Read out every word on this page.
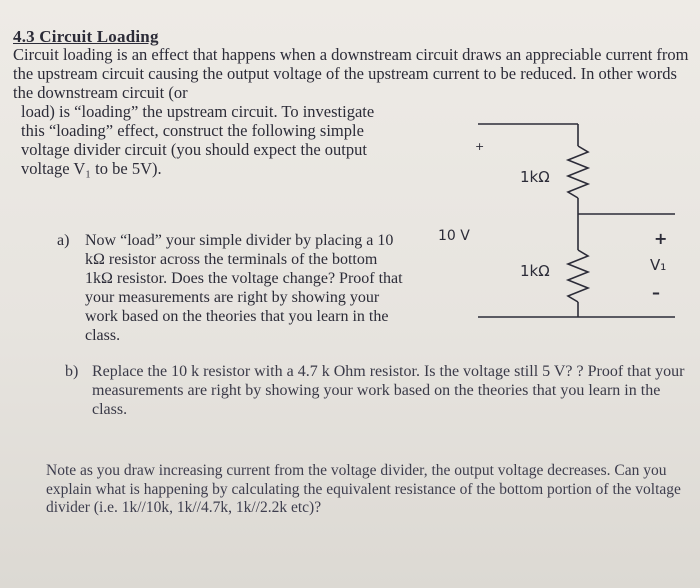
4.3 Circuit Loading

Circuit loading is an effect that happens when a downstream circuit draws an appreciable current from the upstream circuit causing the output voltage of the upstream current to be reduced. In other words the downstream circuit (or

load) is “loading” the upstream circuit. To investigate this “loading” effect, construct the following simple voltage divider circuit (you should expect the output voltage V₁ to be 5V).

a) Now “load” your simple divider by placing a 10 kΩ resistor across the terminals of the bottom 1kΩ resistor. Does the voltage change? Proof that your measurements are right by showing your work based on the theories that you learn in the class.
b) Replace the 10 k resistor with a 4.7 k Ohm resistor. Is the voltage still 5 V? ? Proof that your measurements are right by showing your work based on the theories that you learn in the class.

Note as you draw increasing current from the voltage divider, the output voltage decreases. Can you explain what is happening by calculating the equivalent resistance of the bottom portion of the voltage divider (i.e. 1k//10k, 1k//4.7k, 1k//2.2k etc)?

+
10 V
1kΩ
1kΩ
+
V₁
–
